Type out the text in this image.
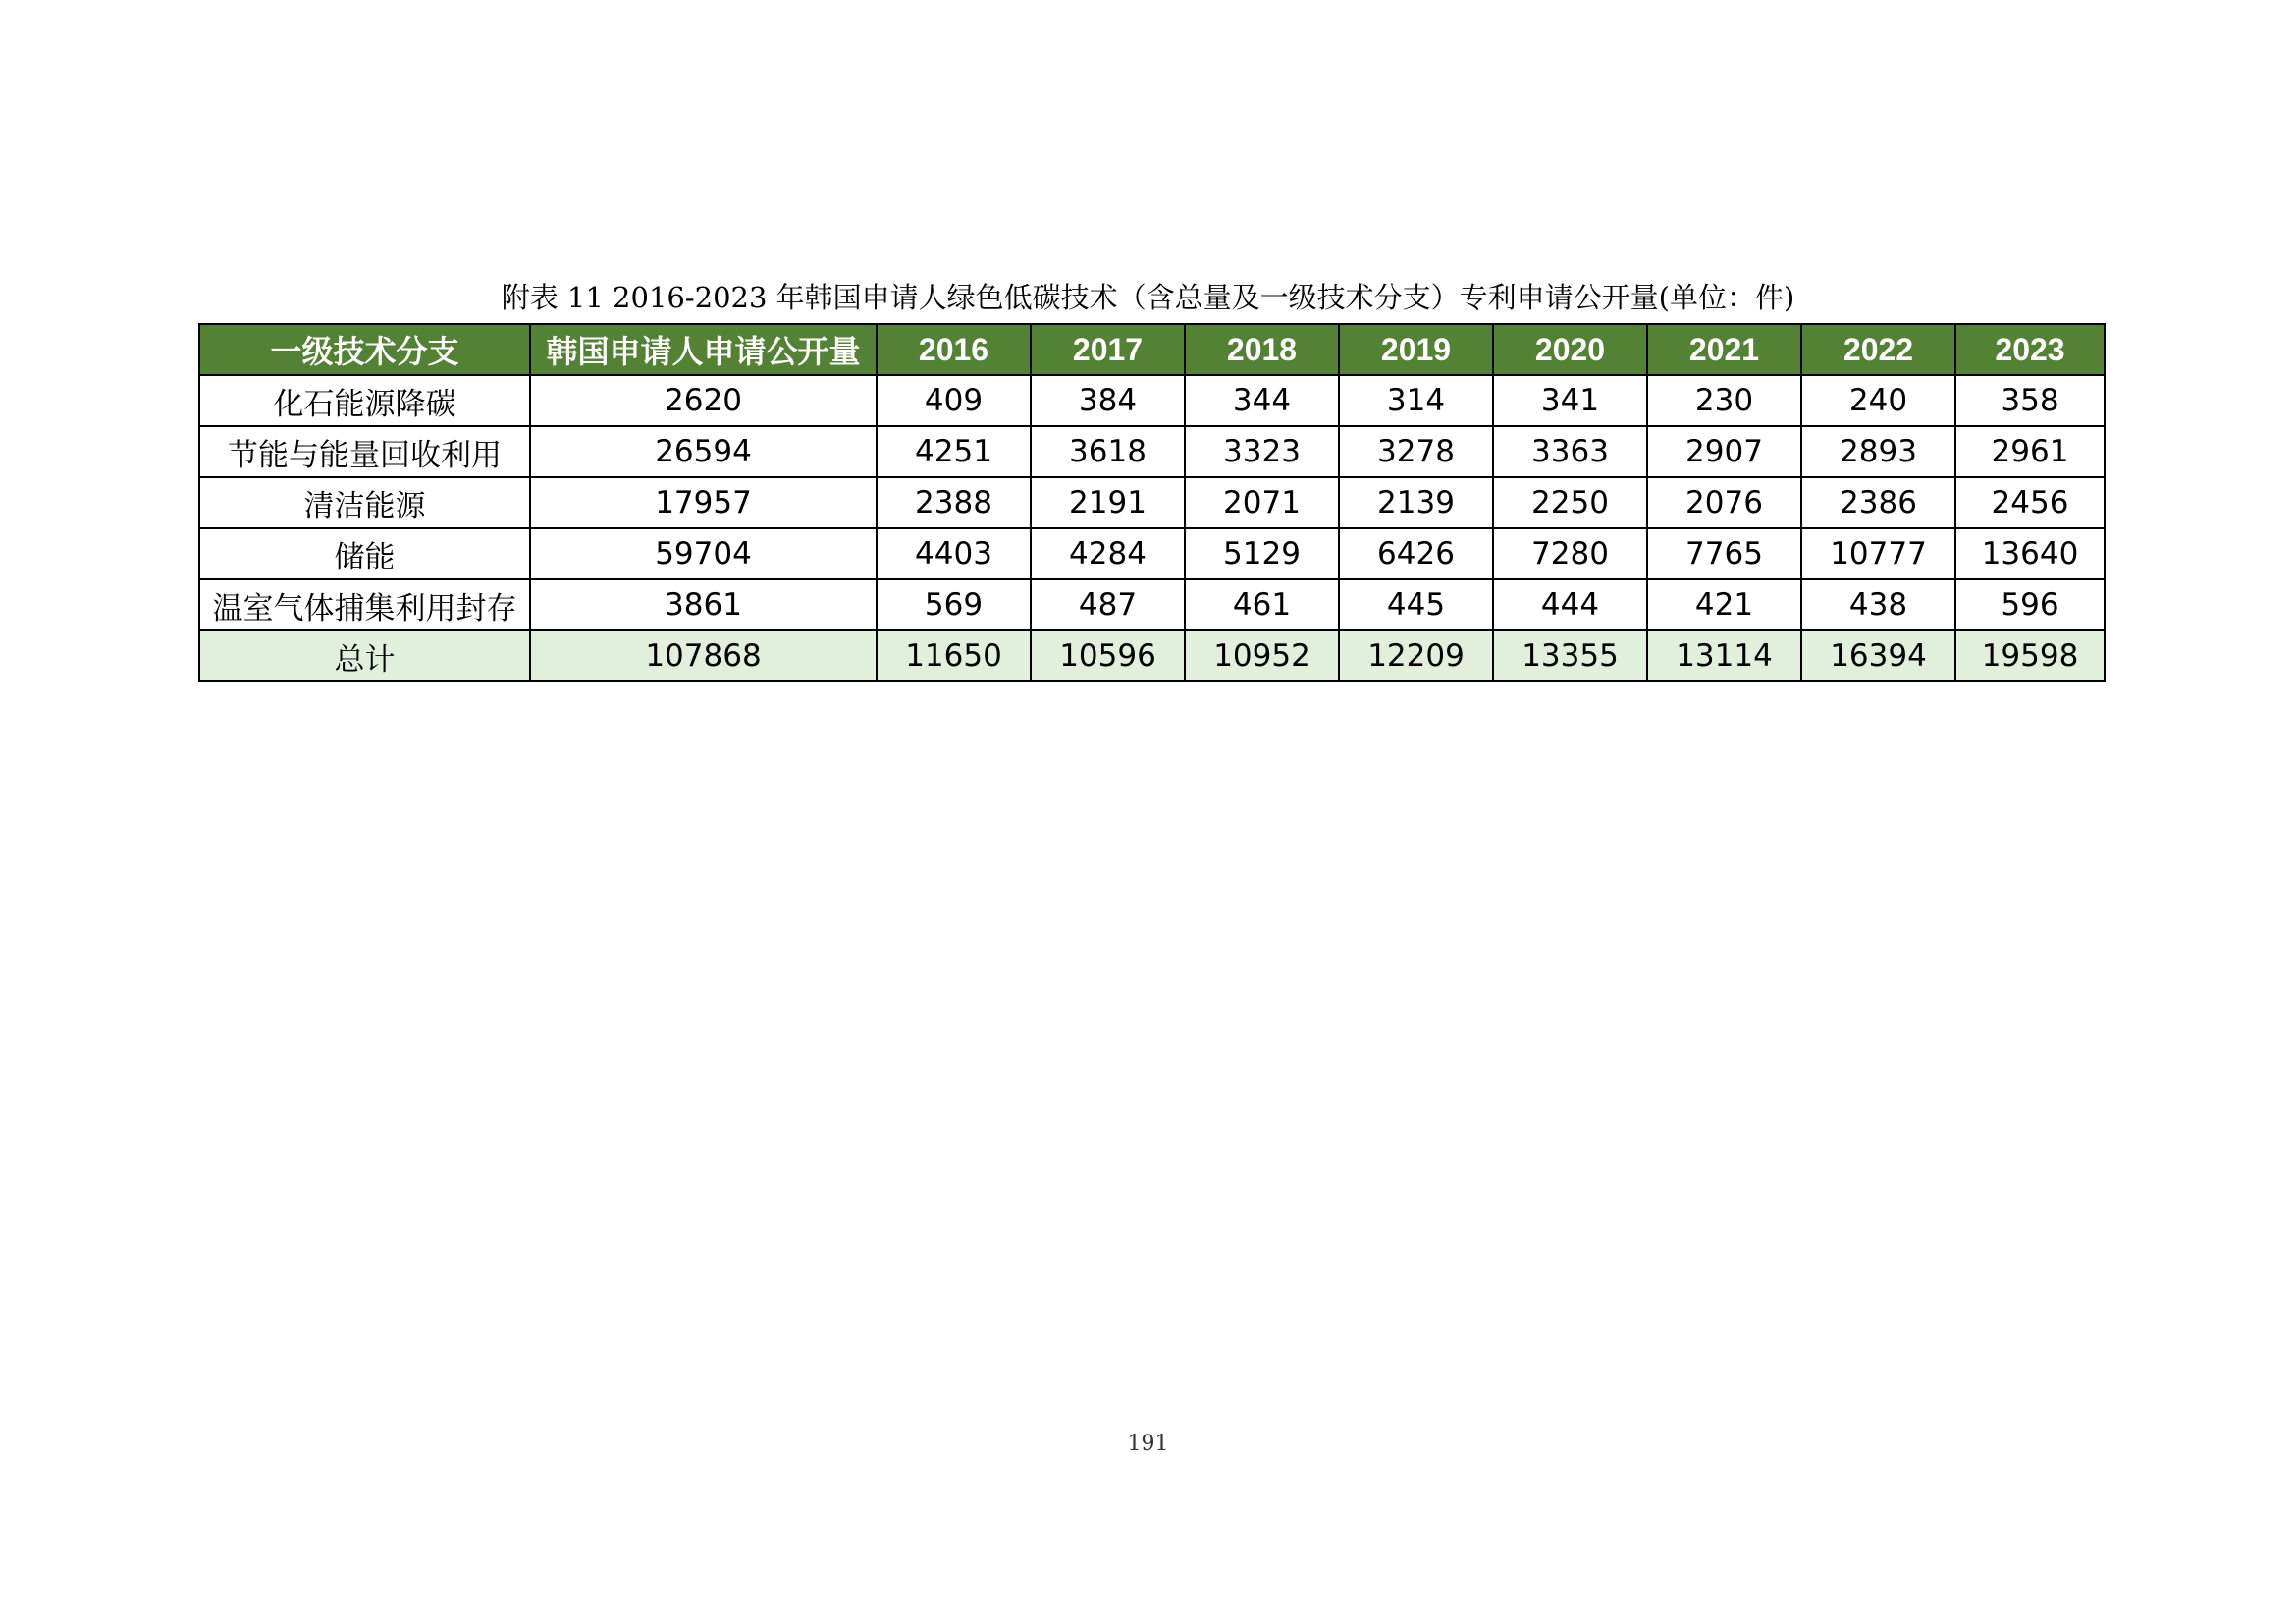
附表 11 2016-2023 年韩国申请人绿色低碳技术（含总量及一级技术分支）专利申请公开量(单位：件)
一级技术分支	韩国申请人申请公开量	2016	2017	2018	2019	2020	2021	2022	2023
化石能源降碳	2620	409	384	344	314	341	230	240	358
节能与能量回收利用	26594	4251	3618	3323	3278	3363	2907	2893	2961
清洁能源	17957	2388	2191	2071	2139	2250	2076	2386	2456
储能	59704	4403	4284	5129	6426	7280	7765	10777	13640
温室气体捕集利用封存	3861	569	487	461	445	444	421	438	596
总计	107868	11650	10596	10952	12209	13355	13114	16394	19598
191
